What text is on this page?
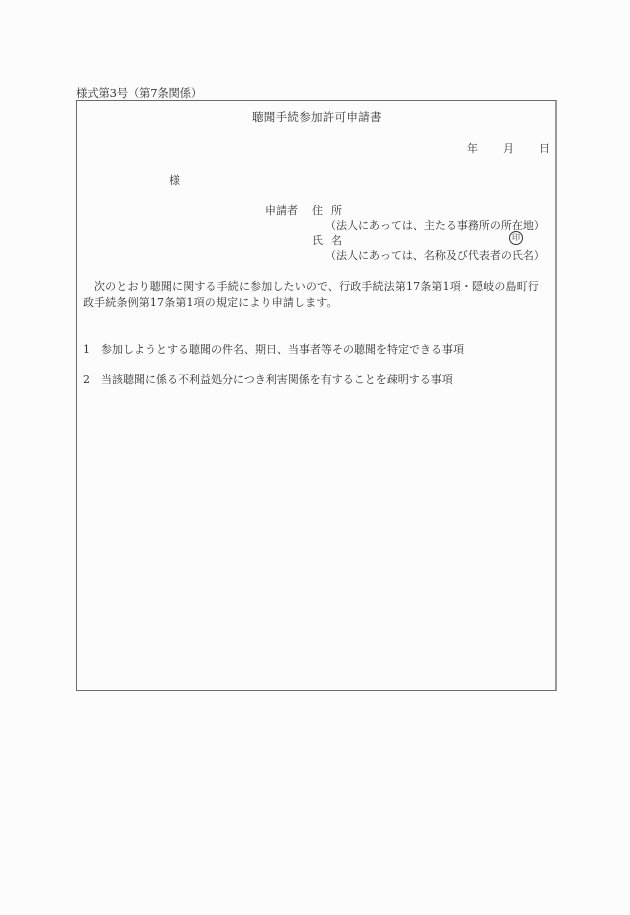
様式第3号（第7条関係）
聴聞手続参加許可申請書
年 月 日
様
申請者 住所
（法人にあっては、主たる事務所の所在地）
氏名	印
（法人にあっては、名称及び代表者の氏名）
次のとおり聴聞に関する手続に参加したいので、行政手続法第17条第1項・隠岐の島町行政手続条例第17条第1項の規定により申請します。
1 参加しようとする聴聞の件名、期日、当事者等その聴聞を特定できる事項
2 当該聴聞に係る不利益処分につき利害関係を有することを疎明する事項
